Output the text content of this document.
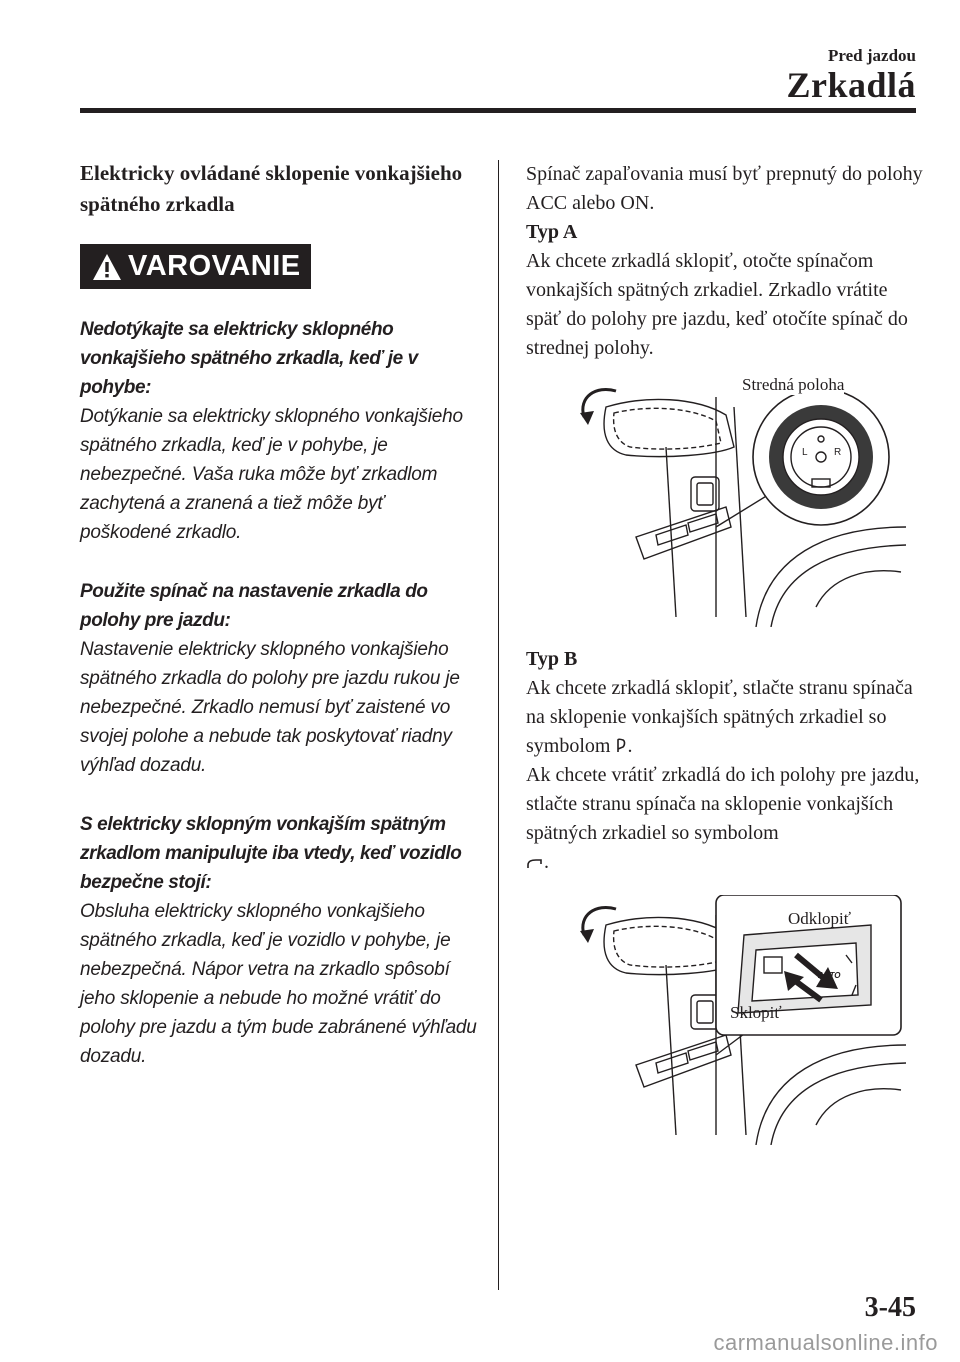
Pred jazdou
Zrkadlá

Elektricky ovládané sklopenie vonkajšieho spätného zrkadla

VAROVANIE
Nedotýkajte sa elektricky sklopného vonkajšieho spätného zrkadla, keď je v pohybe:
Dotýkanie sa elektricky sklopného vonkajšieho spätného zrkadla, keď je v pohybe, je nebezpečné. Vaša ruka môže byť zrkadlom zachytená a zranená a tiež môže byť poškodené zrkadlo.
Použite spínač na nastavenie zrkadla do polohy pre jazdu:
Nastavenie elektricky sklopného vonkajšieho spätného zrkadla do polohy pre jazdu rukou je nebezpečné. Zrkadlo nemusí byť zaistené vo svojej polohe a nebude tak poskytovať riadny výhľad dozadu.
S elektricky sklopným vonkajším spätným zrkadlom manipulujte iba vtedy, keď vozidlo bezpečne stojí:
Obsluha elektricky sklopného vonkajšieho spätného zrkadla, keď je vozidlo v pohybe, je nebezpečná. Nápor vetra na zrkadlo spôsobí jeho sklopenie a nebude ho možné vrátiť do polohy pre jazdu a tým bude zabránené výhľadu dozadu.
Spínač zapaľovania musí byť prepnutý do polohy ACC alebo ON.
Typ A
Ak chcete zrkadlá sklopiť, otočte spínačom vonkajších spätných zrkadiel. Zrkadlo vrátite späť do polohy pre jazdu, keď otočíte spínač do strednej polohy.
L	R
Stredná poloha
Typ B
Ak chcete zrkadlá sklopiť, stlačte stranu spínača na sklopenie vonkajších spätných zrkadiel so symbolom .
Ak chcete vrátiť zrkadlá do ich polohy pre jazdu, stlačte stranu spínača na sklopenie vonkajších spätných zrkadiel so symbolom
.
AUTO
Odklopiť
Sklopiť
3-45
carmanualsonline.info
